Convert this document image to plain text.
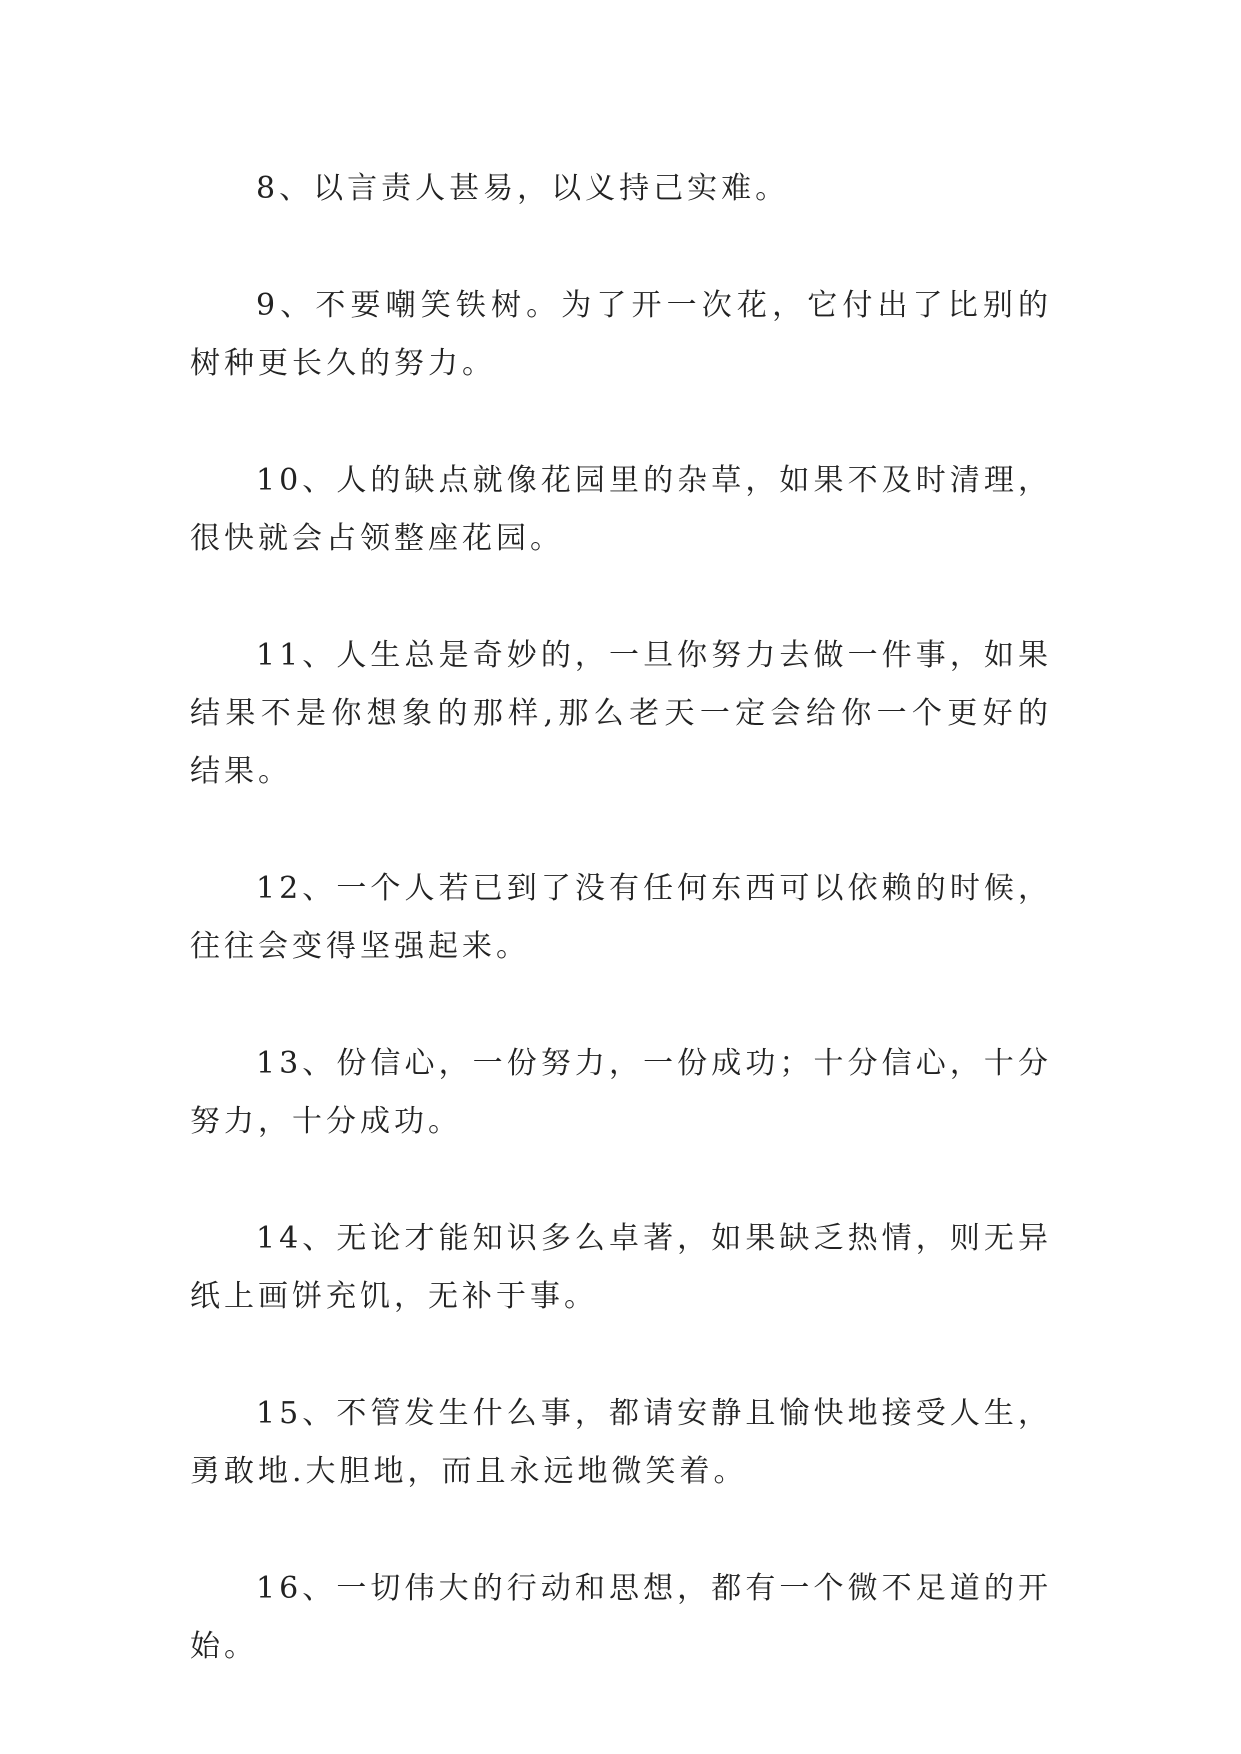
8、以言责人甚易，以义持己实难。

9、不要嘲笑铁树。为了开一次花，它付出了比别的树种更长久的努力。

10、人的缺点就像花园里的杂草，如果不及时清理，很快就会占领整座花园。

11、人生总是奇妙的，一旦你努力去做一件事，如果结果不是你想象的那样,那么老天一定会给你一个更好的结果。

12、一个人若已到了没有任何东西可以依赖的时候，往往会变得坚强起来。

13、份信心，一份努力，一份成功；十分信心，十分努力，十分成功。

14、无论才能知识多么卓著，如果缺乏热情，则无异纸上画饼充饥，无补于事。

15、不管发生什么事，都请安静且愉快地接受人生，勇敢地.大胆地，而且永远地微笑着。

16、一切伟大的行动和思想，都有一个微不足道的开始。
